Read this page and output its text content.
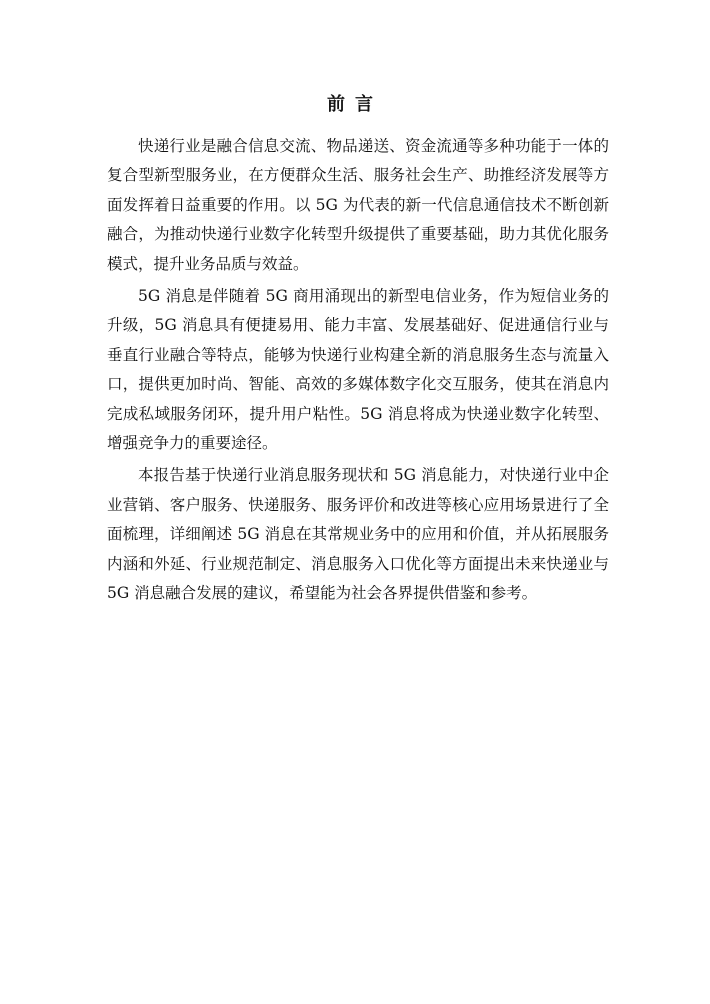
前言

快递行业是融合信息交流、物品递送、资金流通等多种功能于一体的复合型新型服务业，在方便群众生活、服务社会生产、助推经济发展等方面发挥着日益重要的作用。以 5G 为代表的新一代信息通信技术不断创新融合，为推动快递行业数字化转型升级提供了重要基础，助力其优化服务模式，提升业务品质与效益。

5G 消息是伴随着 5G 商用涌现出的新型电信业务，作为短信业务的升级，5G 消息具有便捷易用、能力丰富、发展基础好、促进通信行业与垂直行业融合等特点，能够为快递行业构建全新的消息服务生态与流量入口，提供更加时尚、智能、高效的多媒体数字化交互服务，使其在消息内完成私域服务闭环，提升用户粘性。5G 消息将成为快递业数字化转型、增强竞争力的重要途径。

本报告基于快递行业消息服务现状和 5G 消息能力，对快递行业中企业营销、客户服务、快递服务、服务评价和改进等核心应用场景进行了全面梳理，详细阐述 5G 消息在其常规业务中的应用和价值，并从拓展服务内涵和外延、行业规范制定、消息服务入口优化等方面提出未来快递业与 5G 消息融合发展的建议，希望能为社会各界提供借鉴和参考。
